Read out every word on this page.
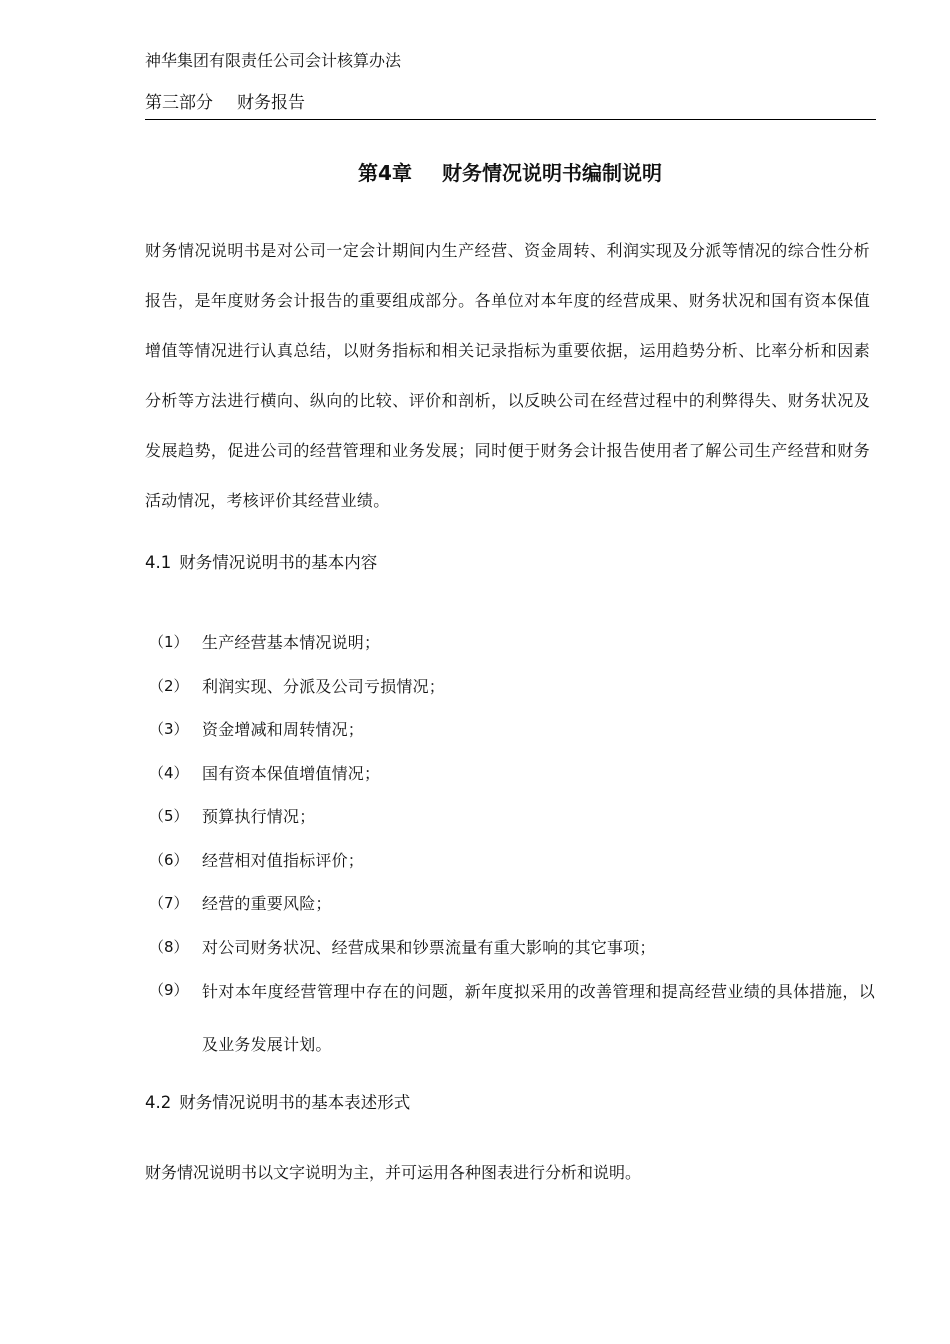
神华集团有限责任公司会计核算办法
第三部分 财务报告
第4章 财务情况说明书编制说明
财务情况说明书是对公司一定会计期间内生产经营、资金周转、利润实现及分派等情况的综合性分析报告，是年度财务会计报告的重要组成部分。各单位对本年度的经营成果、财务状况和国有资本保值增值等情况进行认真总结，以财务指标和相关记录指标为重要依据，运用趋势分析、比率分析和因素分析等方法进行横向、纵向的比较、评价和剖析，以反映公司在经营过程中的利弊得失、财务状况及发展趋势，促进公司的经营管理和业务发展；同时便于财务会计报告使用者了解公司生产经营和财务活动情况，考核评价其经营业绩。
4.1 财务情况说明书的基本内容
（1） 生产经营基本情况说明；
（2） 利润实现、分派及公司亏损情况；
（3） 资金增减和周转情况；
（4） 国有资本保值增值情况；
（5） 预算执行情况；
（6） 经营相对值指标评价；
（7） 经营的重要风险；
（8） 对公司财务状况、经营成果和钞票流量有重大影响的其它事项；
（9） 针对本年度经营管理中存在的问题，新年度拟采用的改善管理和提高经营业绩的具体措施，以及业务发展计划。
4.2 财务情况说明书的基本表述形式
财务情况说明书以文字说明为主，并可运用各种图表进行分析和说明。
